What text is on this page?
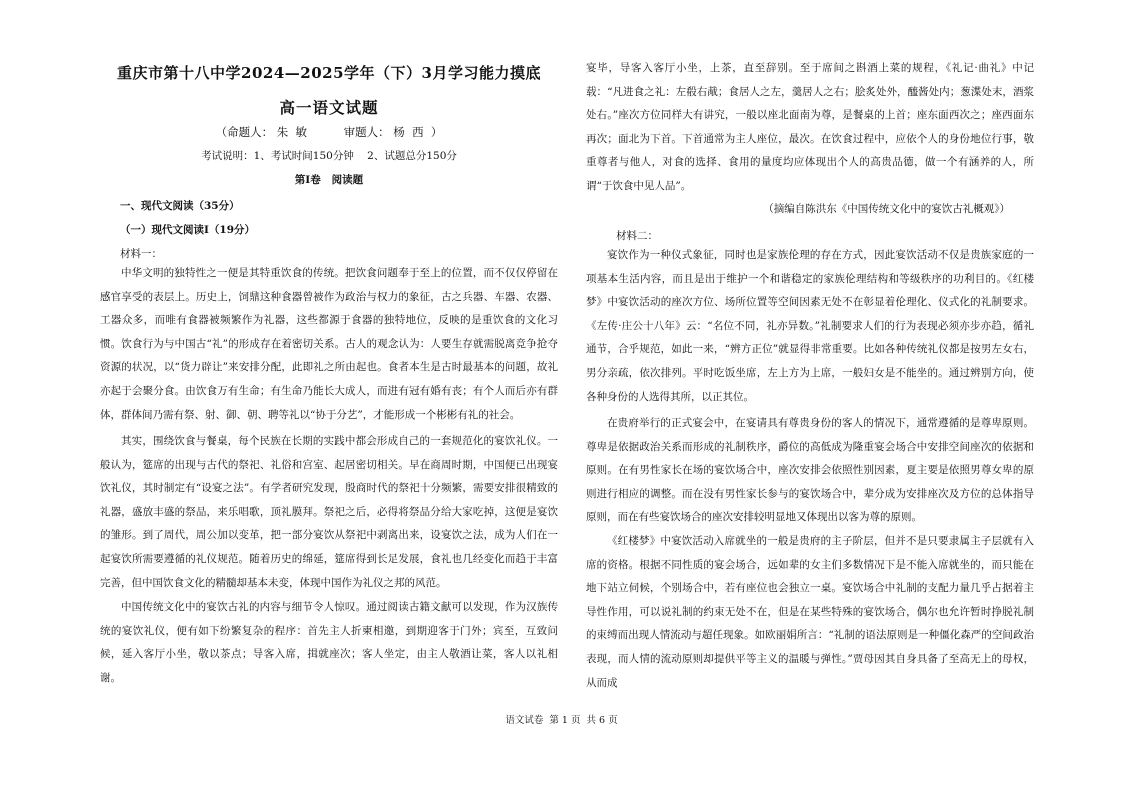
重庆市第十八中学2024—2025学年（下）3月学习能力摸底
高一语文试题
（命题人： 朱  敏          审题人： 杨  西  ）
考试说明：1、考试时间150分钟    2、试题总分150分
第Ⅰ卷   阅读题
一、现代文阅读（35分）
（一）现代文阅读Ⅰ（19分）
材料一：

中华文明的独特性之一便是其特重饮食的传统。把饮食问题奉于至上的位置，而不仅仅停留在感官享受的表层上。历史上，饲鼎这种食器曾被作为政治与权力的象征，古之兵器、车器、农器、工器众多，而唯有食器被频繁作为礼器，这些都源于食器的独特地位，反映的是重饮食的文化习惯。饮食行为与中国古“礼”的形成存在着密切关系。古人的观念认为：人要生存就需脱离竞争抢夺资源的状况，以“货力辟让”来安排分配，此即礼之所由起也。食者本生是古时最基本的问题，故礼亦起于会聚分食。由饮食万有生命；有生命乃能长大成人，而进有冠有婚有丧；有个人而后亦有群体，群体间乃需有祭、射、御、朝、聘等礼以“协于分艺”，才能形成一个彬彬有礼的社会。

其实，围绕饮食与餐桌，每个民族在长期的实践中都会形成自己的一套规范化的宴饮礼仪。一般认为，筵席的出现与古代的祭祀、礼俗和宫室、起居密切相关。早在商周时期，中国便已出现宴饮礼仪，其时制定有“设宴之法”。有学者研究发现，殷商时代的祭祀十分频繁，需要安排很精致的礼器，盛放丰盛的祭品，来乐唱歌，顶礼膜拜。祭祀之后，必得将祭品分给大家吃掉，这便是宴饮的雏形。到了周代，周公加以变革，把一部分宴饮从祭祀中剥离出来，设宴饮之法，成为人们在一起宴饮所需要遵循的礼仪规范。随着历史的绵延，筵席得到长足发展，食礼也几经变化而趋于丰富完善，但中国饮食文化的精髓却基本未变，体现中国作为礼仪之邦的风范。

中国传统文化中的宴饮古礼的内容与细节令人惊叹。通过阅读古籍文献可以发现，作为汉族传统的宴饮礼仪，便有如下纷繁复杂的程序：首先主人折柬相邀，到期迎客于门外；宾至，互致问候，延入客厅小坐，敬以茶点；导客入席，揖就座次；客人坐定，由主人敬酒让菜，客人以礼相谢。

宴毕，导客入客厅小坐，上茶，直至辞别。至于席间之斟酒上菜的规程，《礼记·曲礼》中记载：“凡进食之礼：左殽右胾；食居人之左，羹居人之右；脍炙处外，醯酱处内；葱渫处末，酒浆处右。”座次方位同样大有讲究，一般以座北面南为尊，是餐桌的上首；座东面西次之；座西面东再次；面北为下首。下首通常为主人座位，最次。在饮食过程中，应依个人的身份地位行事，敬重尊者与他人，对食的选择、食用的量度均应体现出个人的高贵品德，做一个有涵养的人，所谓“于饮食中见人品”。

（摘编自陈洪东《中国传统文化中的宴饮古礼概观》）
材料二：

宴饮作为一种仪式象征，同时也是家族伦理的存在方式，因此宴饮活动不仅是贵族家庭的一项基本生活内容，而且是出于维护一个和谐稳定的家族伦理结构和等级秩序的功利目的。《红楼梦》中宴饮活动的座次方位、场所位置等空间因素无处不在彰显着伦理化、仪式化的礼制要求。《左传·庄公十八年》云：“名位不同，礼亦异数。”礼制要求人们的行为表现必须亦步亦趋，循礼通节，合乎规范，如此一来，“辨方正位”就显得非常重要。比如各种传统礼仪都是按男左女右，男分亲疏，依次排列。平时吃饭坐席，左上方为上席，一般妇女是不能坐的。通过辨别方向，使各种身份的人选得其所，以正其位。

在贵府举行的正式宴会中，在宴请具有尊贵身份的客人的情况下，通常遵循的是尊卑原则。尊卑是依据政治关系而形成的礼制秩序，爵位的高低成为隆重宴会场合中安排空间座次的依据和原则。在有男性家长在场的宴饮场合中，座次安排会依照性别因素，夏主要是依照男尊女卑的原则进行相应的调整。而在没有男性家长参与的宴饮场合中，辈分成为安排座次及方位的总体指导原则，而在有些宴饮场合的座次安排较明显地又体现出以客为尊的原则。

《红楼梦》中宴饮活动入席就坐的一般是贵府的主子阶层，但并不是只要隶属主子层就有入席的资格。根据不同性质的宴会场合，远如辈的女主们多数情况下是不能入席就坐的，而只能在地下站立伺候，个别场合中，若有座位也会独立一桌。宴饮场合中礼制的支配力量几乎占据着主导性作用，可以说礼制的约束无处不在，但是在某些特殊的宴饮场合，偶尔也允许暂时挣脱礼制的束缚而出现人情流动与超任现象。如欧丽娟所言：“礼制的语法原则是一种僵化森严的空间政治表现，而人情的流动原则却提供平等主义的温暖与弹性。”贾母因其自身具备了至高无上的母权，从而成

语文试卷  第 1 页  共 6 页
